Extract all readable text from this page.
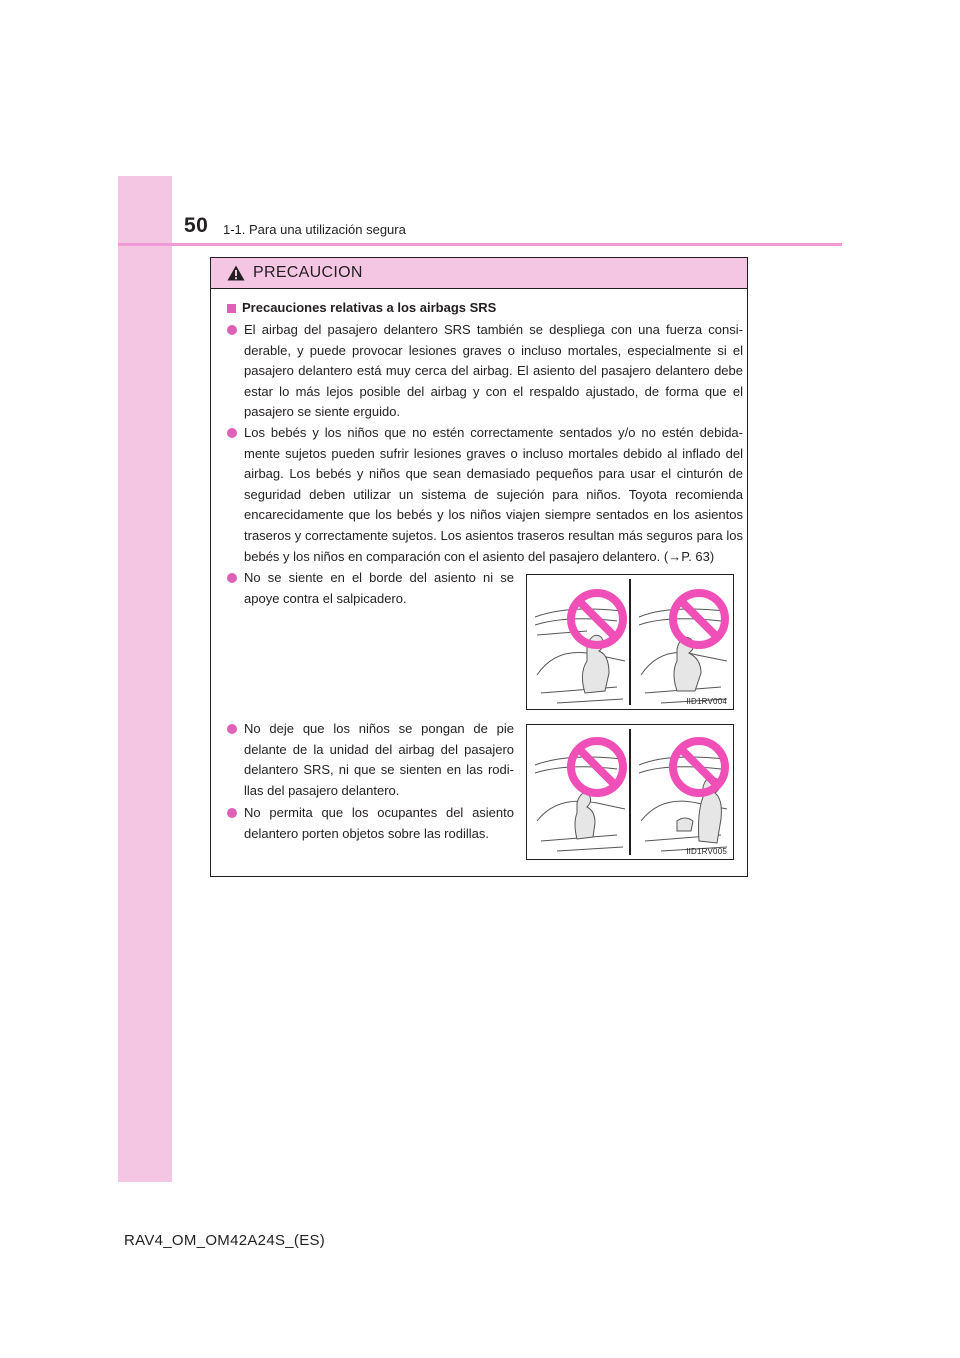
50 1-1. Para una utilización segura
PRECAUCION
Precauciones relativas a los airbags SRS
El airbag del pasajero delantero SRS también se despliega con una fuerza considerable, y puede provocar lesiones graves o incluso mortales, especialmente si el pasajero delantero está muy cerca del airbag. El asiento del pasajero delantero debe estar lo más lejos posible del airbag y con el respaldo ajustado, de forma que el pasajero se siente erguido.
Los bebés y los niños que no estén correctamente sentados y/o no estén debidamente sujetos pueden sufrir lesiones graves o incluso mortales debido al inflado del airbag. Los bebés y niños que sean demasiado pequeños para usar el cinturón de seguridad deben utilizar un sistema de sujeción para niños. Toyota recomienda encarecidamente que los bebés y los niños viajen siempre sentados en los asientos traseros y correctamente sujetos. Los asientos traseros resultan más seguros para los bebés y los niños en comparación con el asiento del pasajero delantero. (→P. 63)
No se siente en el borde del asiento ni se apoye contra el salpicadero.
No deje que los niños se pongan de pie delante de la unidad del airbag del pasajero delantero SRS, ni que se sienten en las rodillas del pasajero delantero.
No permita que los ocupantes del asiento delantero porten objetos sobre las rodillas.
IID1RV004
IID1RV005
RAV4_OM_OM42A24S_(ES)
